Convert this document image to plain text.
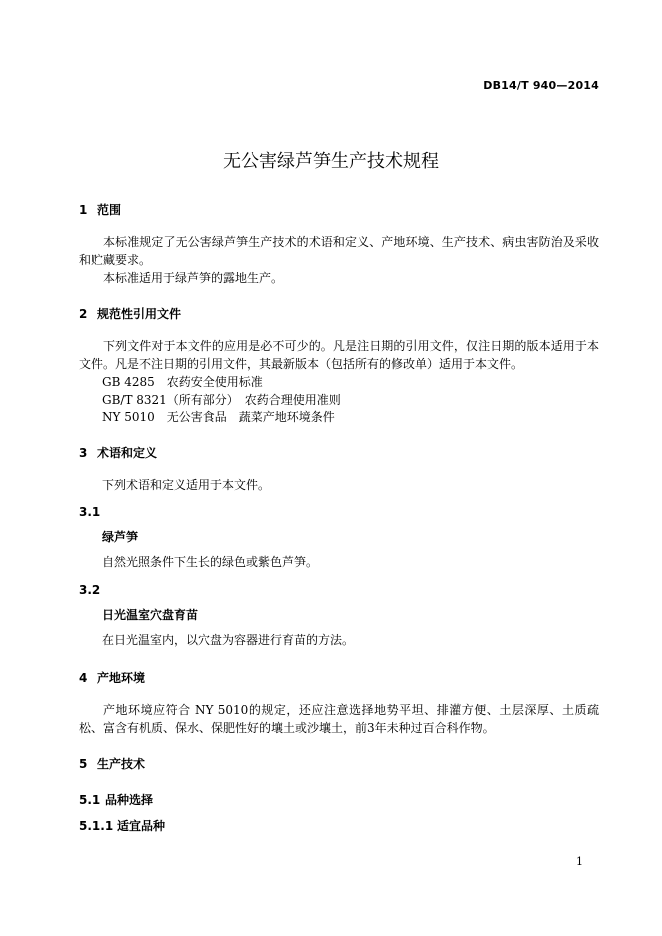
DB14/T 940—2014
无公害绿芦笋生产技术规程
1 范围
本标准规定了无公害绿芦笋生产技术的术语和定义、产地环境、生产技术、病虫害防治及采收和贮藏要求。
本标准适用于绿芦笋的露地生产。
2 规范性引用文件
下列文件对于本文件的应用是必不可少的。凡是注日期的引用文件，仅注日期的版本适用于本文件。凡是不注日期的引用文件，其最新版本（包括所有的修改单）适用于本文件。
GB 4285　农药安全使用标准
GB/T 8321（所有部分）　农药合理使用准则
NY 5010　无公害食品　蔬菜产地环境条件
3 术语和定义
下列术语和定义适用于本文件。
3.1
绿芦笋
自然光照条件下生长的绿色或紫色芦笋。
3.2
日光温室穴盘育苗
在日光温室内，以穴盘为容器进行育苗的方法。
4 产地环境
产地环境应符合 NY 5010的规定，还应注意选择地势平坦、排灌方便、土层深厚、土质疏松、富含有机质、保水、保肥性好的壤土或沙壤土，前3年未种过百合科作物。
5 生产技术
5.1 品种选择
5.1.1 适宜品种
1
